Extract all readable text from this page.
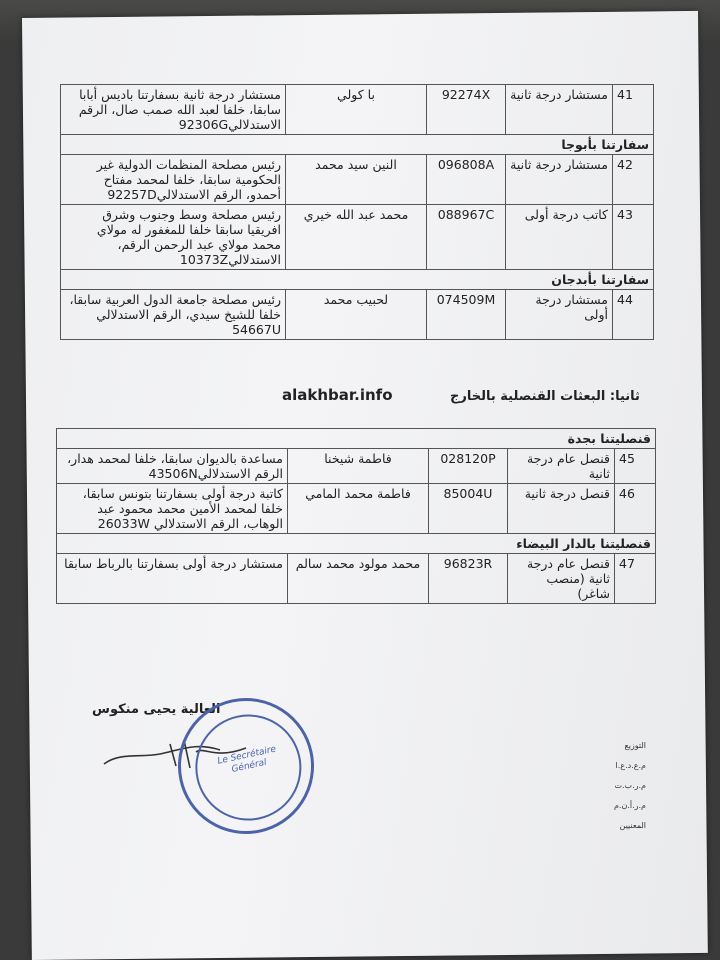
مستشار درجة ثانية بسفارتنا باديس أبابا سابقا، خلفا لعبد الله صمب صال، الرقم الاستدلالي92306G	با كولي	92274X	مستشار درجة ثانية	41
سفارتنا بأبوجا				
رئيس مصلحة المنظمات الدولية غير الحكومية سابقا، خلفا لمحمد مفتاح أحمدو، الرقم الاستدلالي92257D	النين سيد محمد	096808A	مستشار درجة ثانية	42
رئيس مصلحة وسط وجنوب وشرق افريقيا سابقا خلفا للمغفور له مولاي محمد مولاي عبد الرحمن الرقم، الاستدلالي10373Z	محمد عبد الله خيري	088967C	كاتب درجة أولى	43
سفارتنا بأبدجان				
رئيس مصلحة جامعة الدول العربية سابقا، خلفا للشيخ سيدي، الرقم الاستدلالي 54667U	لحبيب محمد	074509M	مستشار درجة أولى	44
alakhbar.info	ثانيا: البعثات القنصلية بالخارج
قنصليتنا بجدة				
مساعدة بالديوان سابقا، خلفا لمحمد هدار، الرقم الاستدلالي43506N	فاطمة شيخنا	028120P	قنصل عام درجة ثانية	45
كاتبة درجة أولى بسفارتنا بتونس سابقا، خلفا لمحمد الأمين محمد محمود عبد الوهاب، الرقم الاستدلالي 26033W	فاطمة محمد المامي	85004U	قنصل درجة ثانية	46
قنصليتنا بالدار البيضاء				
مستشار درجة أولى بسفارتنا بالرباط سابقا	محمد مولود محمد سالم	96823R	قنصل عام درجة ثانية (منصب شاغر)	47
العالية يحيى منكوس
Le Secrétaire Général
التوزيع
م.ع.د.ع.ا
م.ر.ب.ت
م.ر.أ.ن.م
المعنيين
